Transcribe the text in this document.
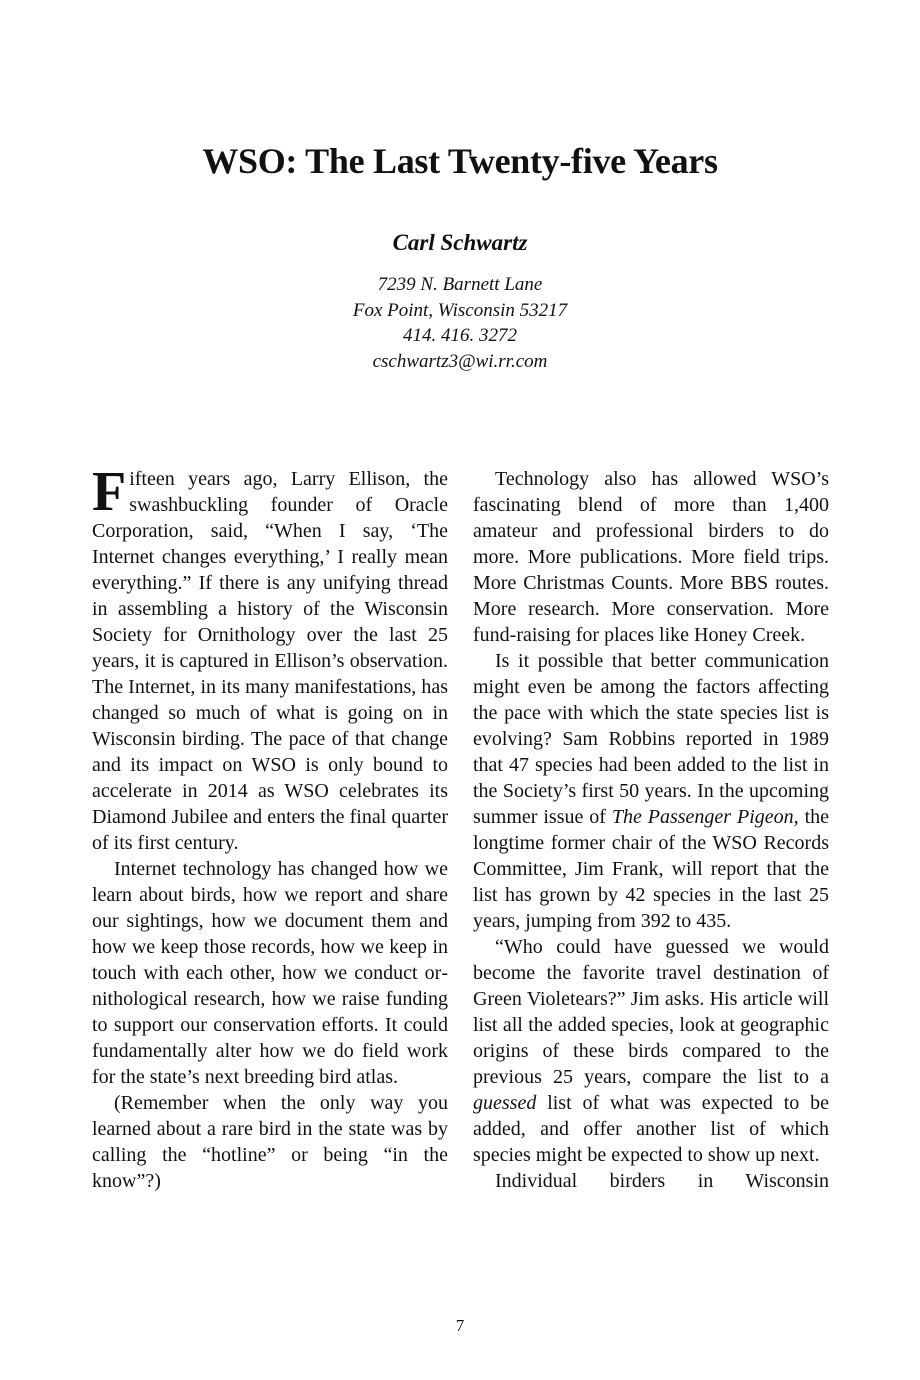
WSO: The Last Twenty-five Years
Carl Schwartz
7239 N. Barnett Lane
Fox Point, Wisconsin 53217
414. 416. 3272
cschwartz3@wi.rr.com

Fifteen years ago, Larry Ellison, the swashbuckling founder of Oracle Corporation, said, “When I say, ‘The Internet changes everything,’ I really mean everything.” If there is any unifying thread in assembling a history of the Wisconsin Society for Ornithology over the last 25 years, it is captured in Ellison’s observation. The Internet, in its many manifestations, has changed so much of what is going on in Wisconsin birding. The pace of that change and its impact on WSO is only bound to accelerate in 2014 as WSO celebrates its Diamond Jubilee and enters the final quarter of its first century.

Internet technology has changed how we learn about birds, how we report and share our sightings, how we document them and how we keep those records, how we keep in touch with each other, how we conduct ornithological research, how we raise funding to support our conservation efforts. It could fundamentally alter how we do field work for the state’s next breeding bird atlas.

(Remember when the only way you learned about a rare bird in the state was by calling the “hotline” or being “in the know”?)

Technology also has allowed WSO’s fascinating blend of more than 1,400 amateur and professional birders to do more. More publications. More field trips. More Christmas Counts. More BBS routes. More research. More conservation. More fund-raising for places like Honey Creek.

Is it possible that better communication might even be among the factors affecting the pace with which the state species list is evolving? Sam Robbins reported in 1989 that 47 species had been added to the list in the Society’s first 50 years. In the upcoming summer issue of The Passenger Pigeon, the longtime former chair of the WSO Records Committee, Jim Frank, will report that the list has grown by 42 species in the last 25 years, jumping from 392 to 435.

“Who could have guessed we would become the favorite travel destination of Green Violetears?” Jim asks. His article will list all the added species, look at geographic origins of these birds compared to the previous 25 years, compare the list to a guessed list of what was expected to be added, and offer another list of which species might be expected to show up next.

Individual birders in Wisconsin

7
